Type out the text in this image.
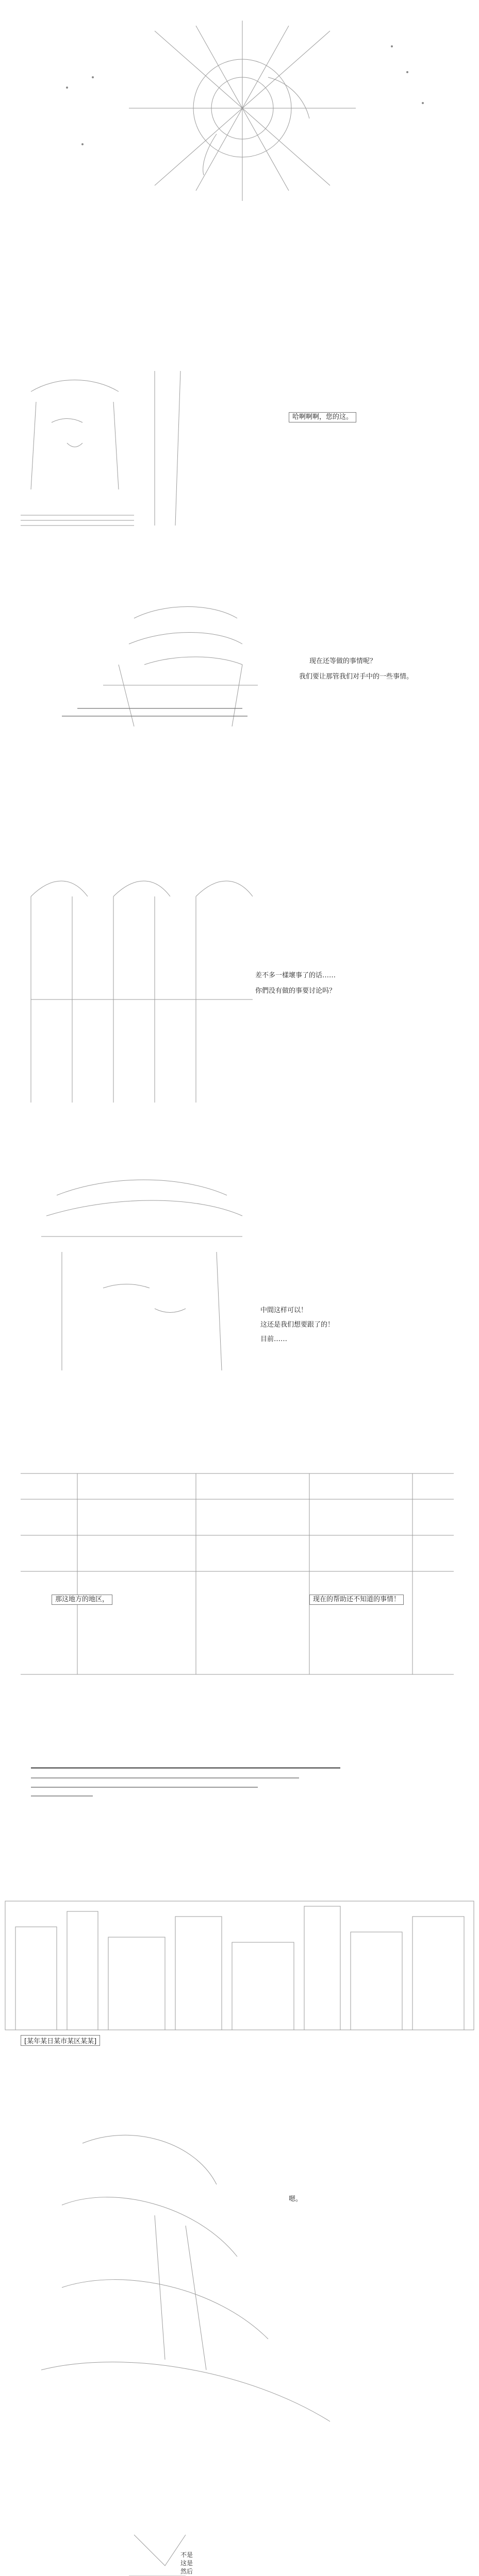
哈啊啊啊，您的这。
现在还等做的事情呢？
我们要让那管我们对手中的一些事情。
差不多一樣壞事了的话……
你們没有做的事要讨论吗？
中間这样可以！
这还是我们想要跟了的！
目前……
那这地方的地区，	现在的帮助还不知道的事情！
[某年某日某市某区某某]
嗯。
不是
这是
然后
